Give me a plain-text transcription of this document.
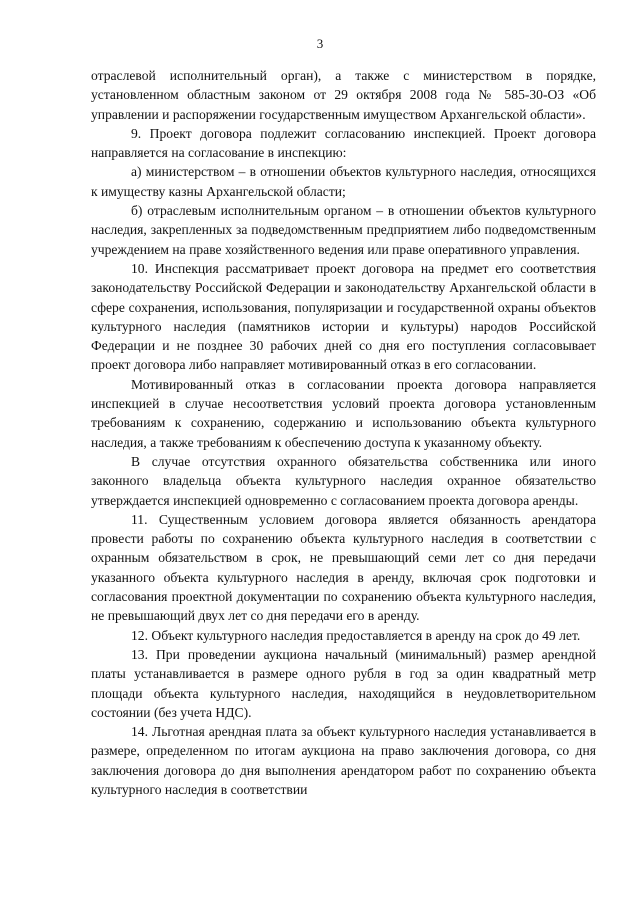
3

отраслевой исполнительный орган), а также с министерством в порядке, установленном областным законом от 29 октября 2008 года № 585-30-ОЗ «Об управлении и распоряжении государственным имуществом Архангельской области».

9. Проект договора подлежит согласованию инспекцией. Проект договора направляется на согласование в инспекцию:

а) министерством – в отношении объектов культурного наследия, относящихся к имуществу казны Архангельской области;

б) отраслевым исполнительным органом – в отношении объектов культурного наследия, закрепленных за подведомственным предприятием либо подведомственным учреждением на праве хозяйственного ведения или праве оперативного управления.

10. Инспекция рассматривает проект договора на предмет его соответствия законодательству Российской Федерации и законодательству Архангельской области в сфере сохранения, использования, популяризации и государственной охраны объектов культурного наследия (памятников истории и культуры) народов Российской Федерации и не позднее 30 рабочих дней со дня его поступления согласовывает проект договора либо направляет мотивированный отказ в его согласовании.

Мотивированный отказ в согласовании проекта договора направляется инспекцией в случае несоответствия условий проекта договора установленным требованиям к сохранению, содержанию и использованию объекта культурного наследия, а также требованиям к обеспечению доступа к указанному объекту.

В случае отсутствия охранного обязательства собственника или иного законного владельца объекта культурного наследия охранное обязательство утверждается инспекцией одновременно с согласованием проекта договора аренды.

11. Существенным условием договора является обязанность арендатора провести работы по сохранению объекта культурного наследия в соответствии с охранным обязательством в срок, не превышающий семи лет со дня передачи указанного объекта культурного наследия в аренду, включая срок подготовки и согласования проектной документации по сохранению объекта культурного наследия, не превышающий двух лет со дня передачи его в аренду.

12. Объект культурного наследия предоставляется в аренду на срок до 49 лет.

13. При проведении аукциона начальный (минимальный) размер арендной платы устанавливается в размере одного рубля в год за один квадратный метр площади объекта культурного наследия, находящийся в неудовлетворительном состоянии (без учета НДС).

14. Льготная арендная плата за объект культурного наследия устанавливается в размере, определенном по итогам аукциона на право заключения договора, со дня заключения договора до дня выполнения арендатором работ по сохранению объекта культурного наследия в соответствии
